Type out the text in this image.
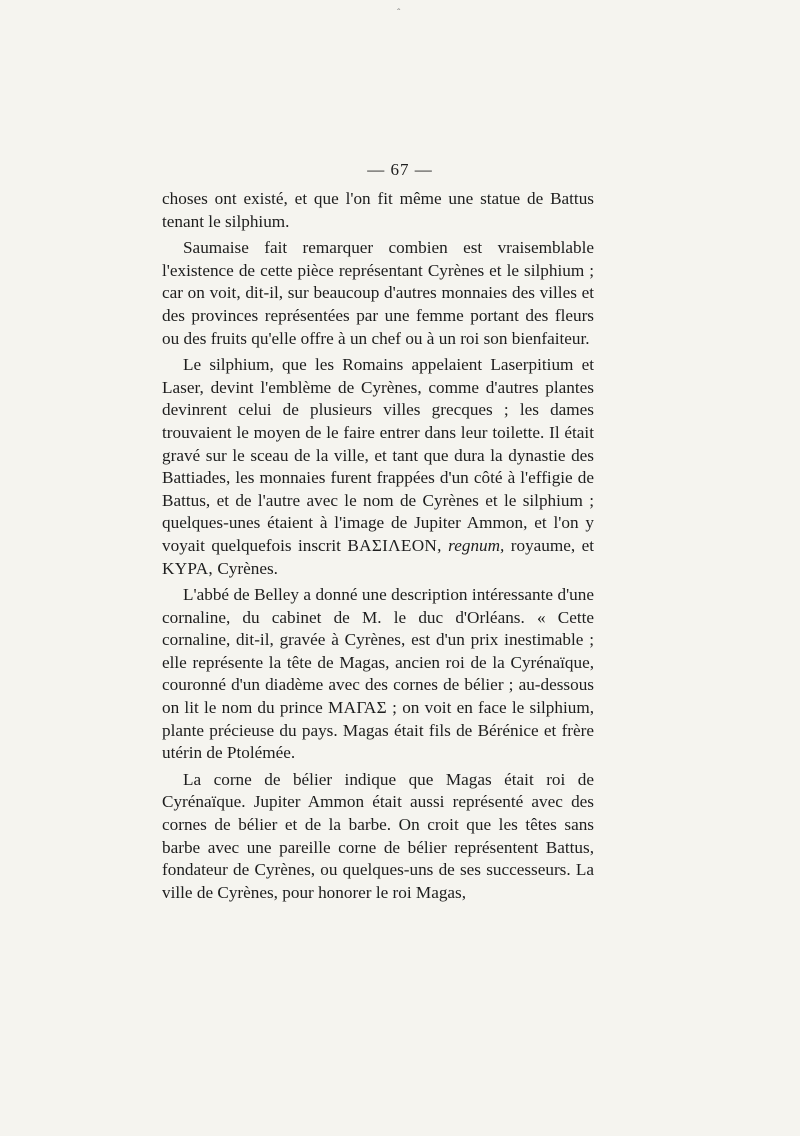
ˆ
— 67 —

choses ont existé, et que l'on fit même une statue de Battus tenant le silphium.

Saumaise fait remarquer combien est vraisemblable l'existence de cette pièce représentant Cyrènes et le silphium ; car on voit, dit-il, sur beaucoup d'autres monnaies des villes et des provinces représentées par une femme portant des fleurs ou des fruits qu'elle offre à un chef ou à un roi son bienfaiteur.

Le silphium, que les Romains appelaient Laserpitium et Laser, devint l'emblème de Cyrènes, comme d'autres plantes devinrent celui de plusieurs villes grecques ; les dames trouvaient le moyen de le faire entrer dans leur toilette. Il était gravé sur le sceau de la ville, et tant que dura la dynastie des Battiades, les monnaies furent frappées d'un côté à l'effigie de Battus, et de l'autre avec le nom de Cyrènes et le silphium ; quelques-unes étaient à l'image de Jupiter Ammon, et l'on y voyait quelquefois inscrit ΒΑΣΙΛΕΟΝ, regnum, royaume, et ΚΥΡΑ, Cyrènes.

L'abbé de Belley a donné une description intéressante d'une cornaline, du cabinet de M. le duc d'Orléans. « Cette cornaline, dit-il, gravée à Cyrènes, est d'un prix inestimable ; elle représente la tête de Magas, ancien roi de la Cyrénaïque, couronné d'un diadème avec des cornes de bélier ; au-dessous on lit le nom du prince ΜΑΓΑΣ ; on voit en face le silphium, plante précieuse du pays. Magas était fils de Bérénice et frère utérin de Ptolémée.

La corne de bélier indique que Magas était roi de Cyrénaïque. Jupiter Ammon était aussi représenté avec des cornes de bélier et de la barbe. On croit que les têtes sans barbe avec une pareille corne de bélier représentent Battus, fondateur de Cyrènes, ou quelques-uns de ses successeurs. La ville de Cyrènes, pour honorer le roi Magas,
